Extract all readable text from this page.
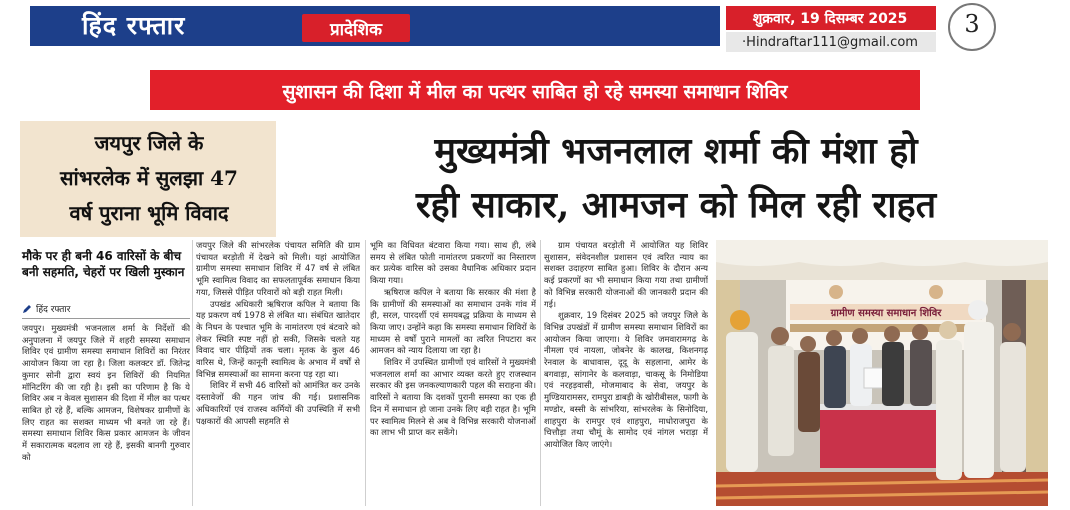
हिंद रफ्तार	प्रादेशिक
शुक्रवार, 19 दिसम्बर 2025
·Hindraftar111@gmail.com
3
सुशासन की दिशा में मील का पत्थर साबित हो रहे समस्या समाधान शिविर
जयपुर जिले के
सांभरलेक में सुलझा 47
वर्ष पुराना भूमि विवाद
मुख्यमंत्री भजनलाल शर्मा की मंशा हो
रही साकार, आमजन को मिल रही राहत
मौके पर ही बनी 46 वारिसों के बीच बनी सहमति, चेहरों पर खिली मुस्कान
हिंद रफ्तार

जयपुर। मुख्यमंत्री भजनलाल शर्मा के निर्देशों की अनुपालना में जयपुर जिले में शहरी समस्या समाधान शिविर एवं ग्रामीण समस्या समाधान शिविरों का निरंतर आयोजन किया जा रहा है। जिला कलक्टर डॉ. जितेन्द्र कुमार सोनी द्वारा स्वयं इन शिविरों की नियमित मॉनिटरिंग की जा रही है। इसी का परिणाम है कि ये शिविर अब न केवल सुशासन की दिशा में मील का पत्थर साबित हो रहे हैं, बल्कि आमजन, विशेषकर ग्रामीणों के लिए राहत का सशक्त माध्यम भी बनते जा रहे हैं। समस्या समाधान शिविर किस प्रकार आमजन के जीवन में सकारात्मक बदलाव ला रहे हैं, इसकी बानगी गुरुवार को

जयपुर जिले की सांभरलेक पंचायत समिति की ग्राम पंचायत बरड़ोती में देखने को मिली। यहां आयोजित ग्रामीण समस्या समाधान शिविर में 47 वर्ष से लंबित भूमि स्वामित्व विवाद का सफलतापूर्वक समाधान किया गया, जिससे पीड़ित परिवारों को बड़ी राहत मिली।

उपखंड अधिकारी ऋषिराज कपिल ने बताया कि यह प्रकरण वर्ष 1978 से लंबित था। संबंधित खातेदार के निधन के पश्चात भूमि के नामांतरण एवं बंटवारे को लेकर स्थिति स्पष्ट नहीं हो सकी, जिसके चलते यह विवाद चार पीढ़ियों तक चला। मृतक के कुल 46 वारिस थे, जिन्हें कानूनी स्वामित्व के अभाव में वर्षों से विभिन्न समस्याओं का सामना करना पड़ रहा था।

शिविर में सभी 46 वारिसों को आमंत्रित कर उनके दस्तावेजों की गहन जांच की गई। प्रशासनिक अधिकारियों एवं राजस्व कर्मियों की उपस्थिति में सभी पक्षकारों की आपसी सहमति से

भूमि का विधिवत बंटवारा किया गया। साथ ही, लंबे समय से लंबित फोती नामांतरण प्रकरणों का निस्तारण कर प्रत्येक वारिस को उसका वैधानिक अधिकार प्रदान किया गया।

ऋषिराज कपिल ने बताया कि सरकार की मंशा है कि ग्रामीणों की समस्याओं का समाधान उनके गांव में ही, सरल, पारदर्शी एवं समयबद्ध प्रक्रिया के माध्यम से किया जाए। उन्होंने कहा कि समस्या समाधान शिविरों के माध्यम से वर्षों पुराने मामलों का त्वरित निपटारा कर आमजन को न्याय दिलाया जा रहा है।

शिविर में उपस्थित ग्रामीणों एवं वारिसों ने मुख्यमंत्री भजनलाल शर्मा का आभार व्यक्त करते हुए राजस्थान सरकार की इस जनकल्याणकारी पहल की सराहना की। वारिसों ने बताया कि दशकों पुरानी समस्या का एक ही दिन में समाधान हो जाना उनके लिए बड़ी राहत है। भूमि पर स्वामित्व मिलने से अब वे विभिन्न सरकारी योजनाओं का लाभ भी प्राप्त कर सकेंगे।

ग्राम पंचायत बरड़ोती में आयोजित यह शिविर सुशासन, संवेदनशील प्रशासन एवं त्वरित न्याय का सशक्त उदाहरण साबित हुआ। शिविर के दौरान अन्य कई प्रकरणों का भी समाधान किया गया तथा ग्रामीणों को विभिन्न सरकारी योजनाओं की जानकारी प्रदान की गई।

शुक्रवार, 19 दिसंबर 2025 को जयपुर जिले के विभिन्न उपखंडों में ग्रामीण समस्या समाधान शिविरों का आयोजन किया जाएगा। ये शिविर जमवारामगढ़ के नीमला एवं नायला, जोबनेर के कालख, किशनगढ़ रेनवाल के बाधावास, दूदू के सहलाना, आमेर के बगवाड़ा, सांगानेर के कलवाड़ा, चाकसू के निमोडिया एवं नरहड़वासी, मोजमाबाद के सेवा, जयपुर के मुण्डियारामसर, रामपुरा डाबड़ी के खोरीबीसल, फागी के मण्डोर, बस्सी के सांभरिया, सांभरलेक के सिनोदिया, शाहपुरा के रामपुर एवं शाहपुरा, माधोराजपुरा के चित्तौड़ा तथा चौमूं के सामोद एवं नांगल भराड़ा में आयोजित किए जाएंगे।

ग्रामीण समस्या समाधान शिविर
